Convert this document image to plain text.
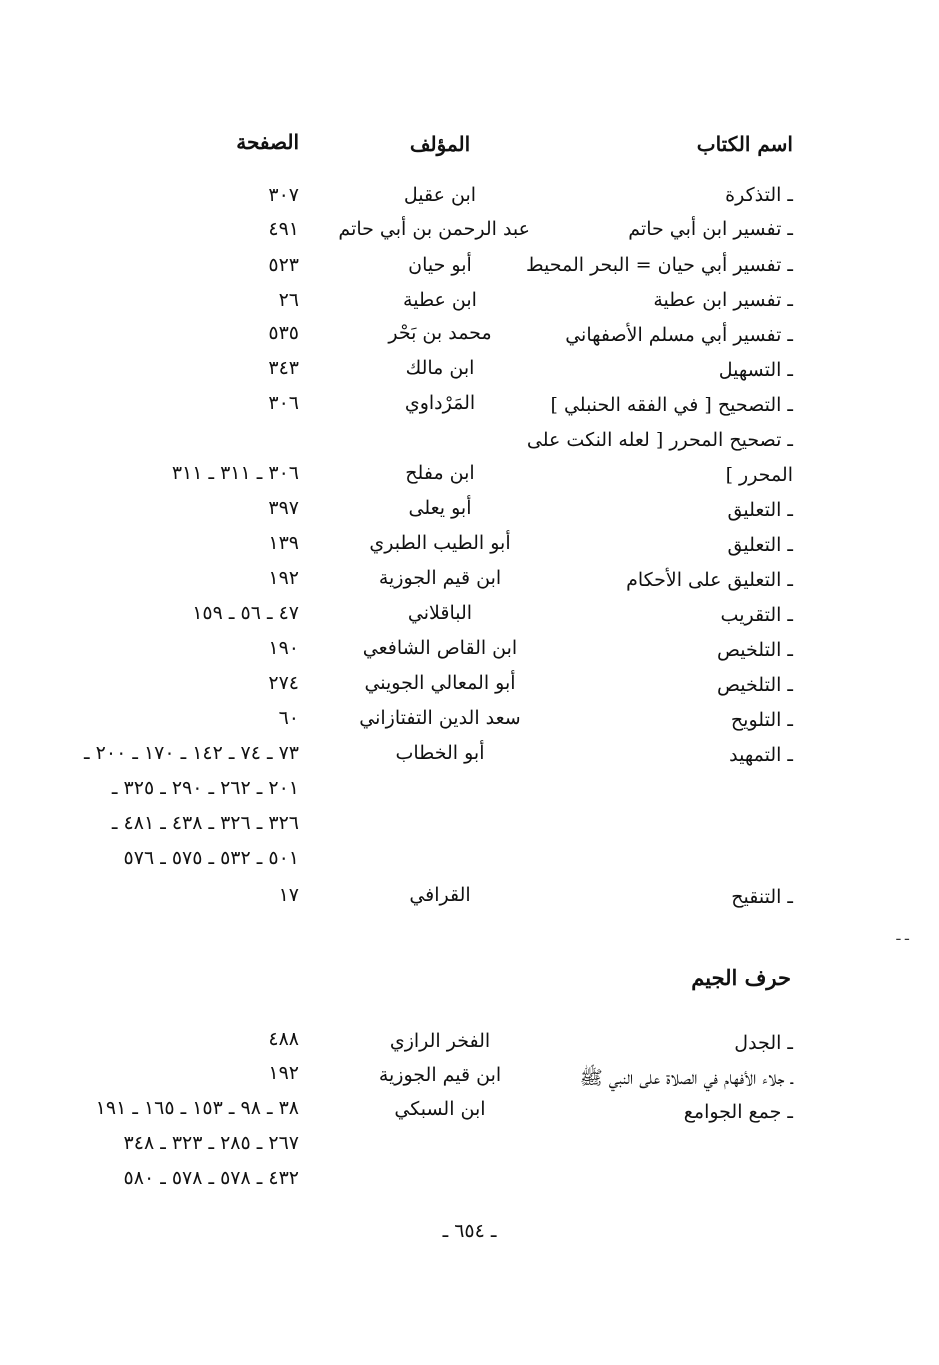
اسم الكتاب
المؤلف
الصفحة
ـ التذكرة
ابن عقيل
٣٠٧
ـ تفسير ابن أبي حاتم
عبد الرحمن بن أبي حاتم
٤٩١
ـ تفسير أبي حيان = البحر المحيط
أبو حيان
٥٢٣
ـ تفسير ابن عطية
ابن عطية
٢٦
ـ تفسير أبي مسلم الأصفهاني
محمد بن بَحْر
٥٣٥
ـ التسهيل
ابن مالك
٣٤٣
ـ التصحيح [ في الفقه الحنبلي ]
المَرْداوي
٣٠٦
ـ تصحيح المحرر [ لعله النكت على
المحرر ]
ابن مفلح
٣٠٦ ـ ٣١١ ـ ٣١١
ـ التعليق
أبو يعلى
٣٩٧
ـ التعليق
أبو الطيب الطبري
١٣٩
ـ التعليق على الأحكام
ابن قيم الجوزية
١٩٢
ـ التقريب
الباقلاني
٤٧ ـ ٥٦ ـ ١٥٩
ـ التلخيص
ابن القاص الشافعي
١٩٠
ـ التلخيص
أبو المعالي الجويني
٢٧٤
ـ التلويح
سعد الدين التفتازاني
٦٠
ـ التمهيد
أبو الخطاب
٧٣ ـ ٧٤ ـ ١٤٢ ـ ١٧٠ ـ ٢٠٠ ـ
٢٠١ ـ ٢٦٢ ـ ٢٩٠ ـ ٣٢٥ ـ
٣٢٦ ـ ٣٢٦ ـ ٤٣٨ ـ ٤٨١ ـ
٥٠١ ـ ٥٣٢ ـ ٥٧٥ ـ ٥٧٦
ـ التنقيح
القرافي
١٧
ـ ـ
حرف الجيم
ـ الجدل
الفخر الرازي
٤٨٨
ـ جلاء الأفهام في الصلاة على النبي ﷺ
ابن قيم الجوزية
١٩٢
ـ جمع الجوامع
ابن السبكي
٣٨ ـ ٩٨ ـ ١٥٣ ـ ١٦٥ ـ ١٩١
٢٦٧ ـ ٢٨٥ ـ ٣٢٣ ـ ٣٤٨
٤٣٢ ـ ٥٧٨ ـ ٥٧٨ ـ ٥٨٠
ـ ٦٥٤ ـ
